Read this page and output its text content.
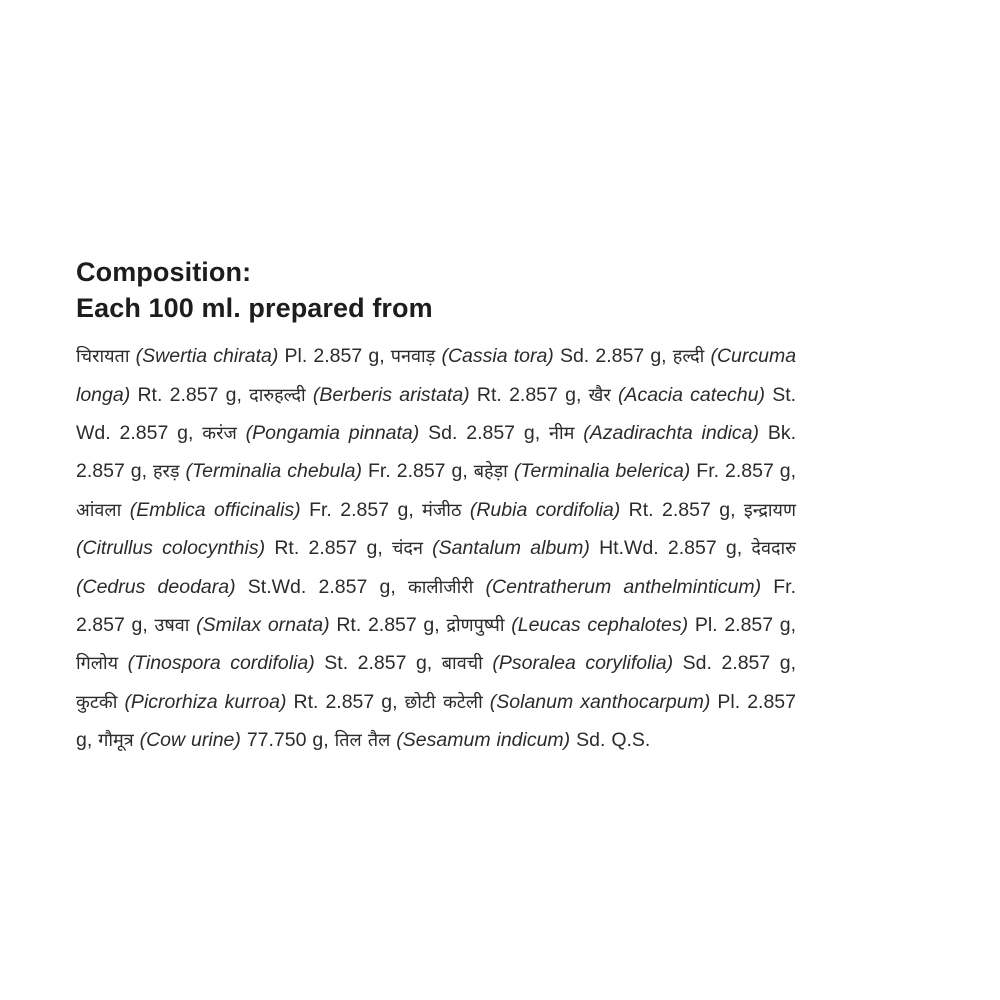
Composition:
Each 100 ml. prepared from
चिरायता (Swertia chirata) Pl. 2.857 g, पनवाड़ (Cassia tora) Sd. 2.857 g, हल्दी (Curcuma longa) Rt. 2.857 g, दारुहल्दी (Berberis aristata) Rt. 2.857 g, खैर (Acacia catechu) St. Wd. 2.857 g, करंज (Pongamia pinnata) Sd. 2.857 g, नीम (Azadirachta indica) Bk. 2.857 g, हरड़ (Terminalia chebula) Fr. 2.857 g, बहेड़ा (Terminalia belerica) Fr. 2.857 g, आंवला (Emblica officinalis) Fr. 2.857 g, मंजीठ (Rubia cordifolia) Rt. 2.857 g, इन्द्रायण (Citrullus colocynthis) Rt. 2.857 g, चंदन (Santalum album) Ht.Wd. 2.857 g, देवदारु (Cedrus deodara) St.Wd. 2.857 g, कालीजीरी (Centratherum anthelminticum) Fr. 2.857 g, उषवा (Smilax ornata) Rt. 2.857 g, द्रोणपुष्पी (Leucas cephalotes) Pl. 2.857 g, गिलोय (Tinospora cordifolia) St. 2.857 g, बावची (Psoralea corylifolia) Sd. 2.857 g, कुटकी (Picrorhiza kurroa) Rt. 2.857 g, छोटी कटेली (Solanum xanthocarpum) Pl. 2.857 g, गौमूत्र (Cow urine) 77.750 g, तिल तैल (Sesamum indicum) Sd. Q.S.
